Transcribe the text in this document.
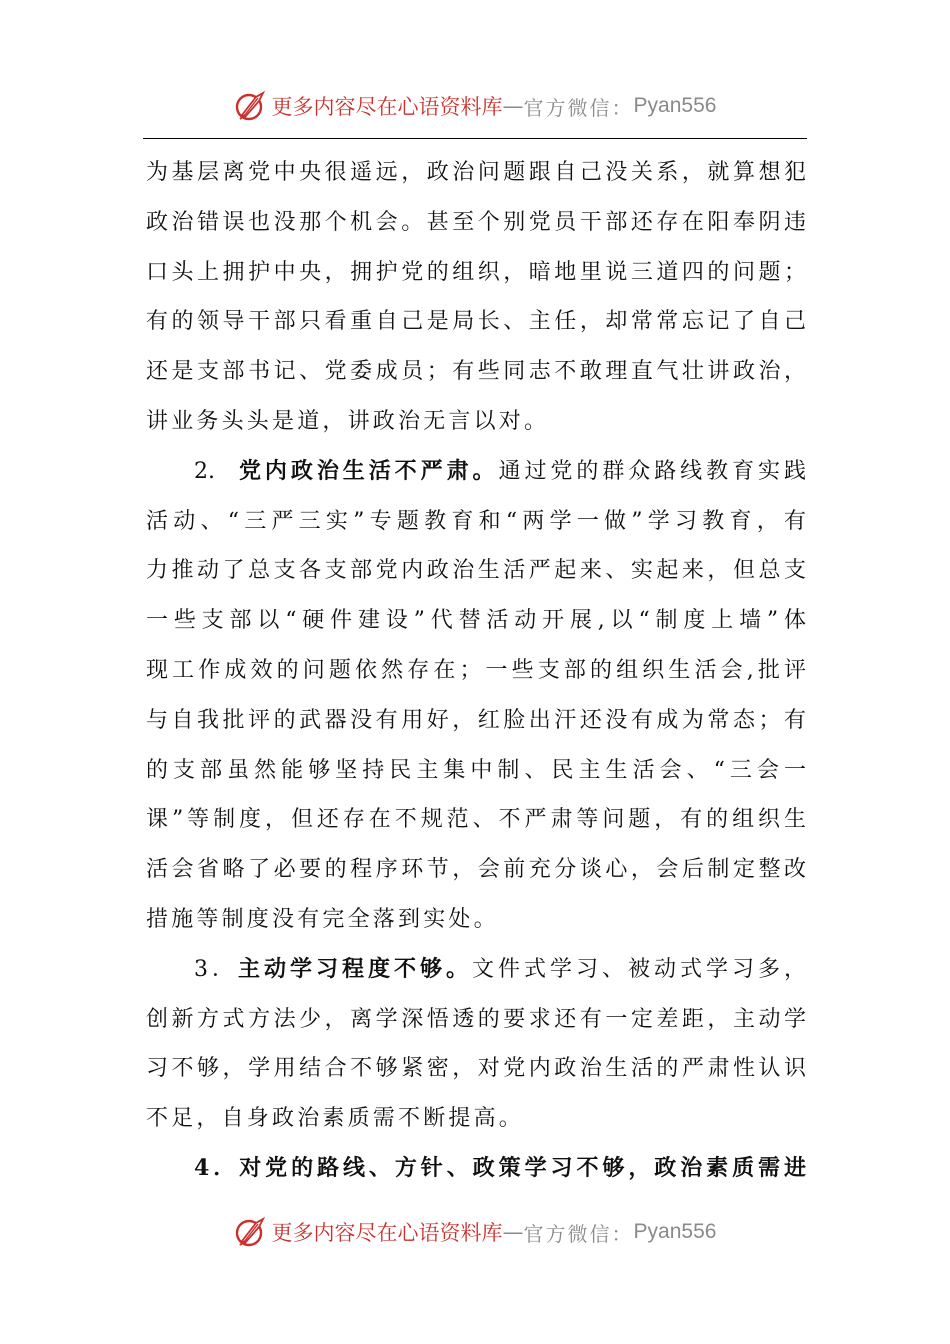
更多内容尽在心语资料库 — 官方微信： Pyan556
为基层离党中央很遥远，政治问题跟自己没关系，就算想犯
政治错误也没那个机会。甚至个别党员干部还存在阳奉阴违
口头上拥护中央，拥护党的组织，暗地里说三道四的问题；
有的领导干部只看重自己是局长、主任，却常常忘记了自己
还是支部书记、党委成员；有些同志不敢理直气壮讲政治，
讲业务头头是道，讲政治无言以对。
2. 党内政治生活不严肃。通过党的群众路线教育实践
活动、“三严三实”专题教育和“两学一做”学习教育，有
力推动了总支各支部党内政治生活严起来、实起来，但总支
一些支部以“硬件建设”代替活动开展,以“制度上墙”体
现工作成效的问题依然存在；一些支部的组织生活会,批评
与自我批评的武器没有用好，红脸出汗还没有成为常态；有
的支部虽然能够坚持民主集中制、民主生活会、“三会一
课”等制度，但还存在不规范、不严肃等问题，有的组织生
活会省略了必要的程序环节，会前充分谈心，会后制定整改
措施等制度没有完全落到实处。
3．主动学习程度不够。文件式学习、被动式学习多，
创新方式方法少，离学深悟透的要求还有一定差距，主动学
习不够，学用结合不够紧密，对党内政治生活的严肃性认识
不足，自身政治素质需不断提高。
4．对党的路线、方针、政策学习不够，政治素质需进
更多内容尽在心语资料库 — 官方微信： Pyan556
